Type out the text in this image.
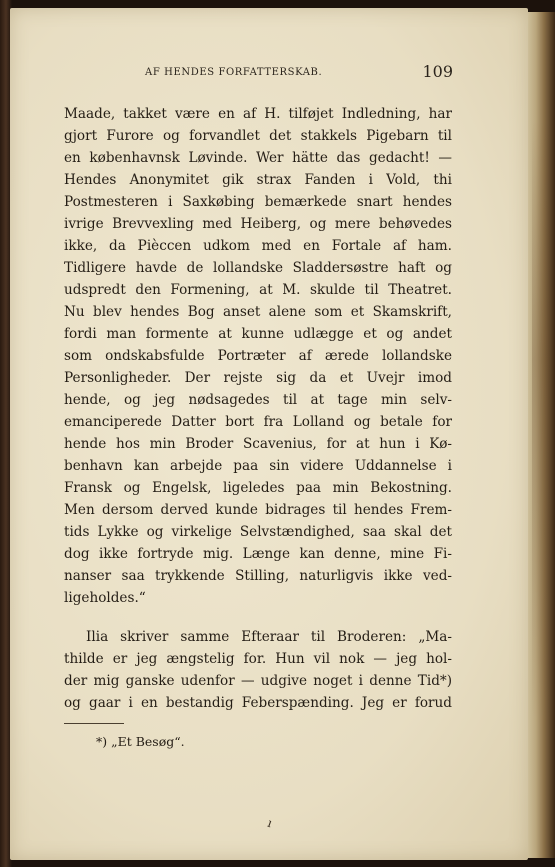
AF HENDES FORFATTERSKAB.	109
Maade, takket være en af H. tilføjet Indledning, har
gjort Furore og forvandlet det stakkels Pigebarn til
en københavnsk Løvinde. Wer hätte das gedacht! —
Hendes Anonymitet gik strax Fanden i Vold, thi
Postmesteren i Saxkøbing bemærkede snart hendes
ivrige Brevvexling med Heiberg, og mere behøvedes
ikke, da Pièccen udkom med en Fortale af ham.
Tidligere havde de lollandske Sladdersøstre haft og
udspredt den Formening, at M. skulde til Theatret.
Nu blev hendes Bog anset alene som et Skamskrift,
fordi man formente at kunne udlægge et og andet
som ondskabsfulde Portræter af ærede lollandske
Personligheder. Der rejste sig da et Uvejr imod
hende, og jeg nødsagedes til at tage min selv-
emanciperede Datter bort fra Lolland og betale for
hende hos min Broder Scavenius, for at hun i Kø-
benhavn kan arbejde paa sin videre Uddannelse i
Fransk og Engelsk, ligeledes paa min Bekostning.
Men dersom derved kunde bidrages til hendes Frem-
tids Lykke og virkelige Selvstændighed, saa skal det
dog ikke fortryde mig. Længe kan denne, mine Fi-
nanser saa trykkende Stilling, naturligvis ikke ved-
ligeholdes.“
Ilia skriver samme Efteraar til Broderen: „Ma-
thilde er jeg ængstelig for. Hun vil nok — jeg hol-
der mig ganske udenfor — udgive noget i denne Tid*)
og gaar i en bestandig Feberspænding. Jeg er forud
*) „Et Besøg“.
ı
